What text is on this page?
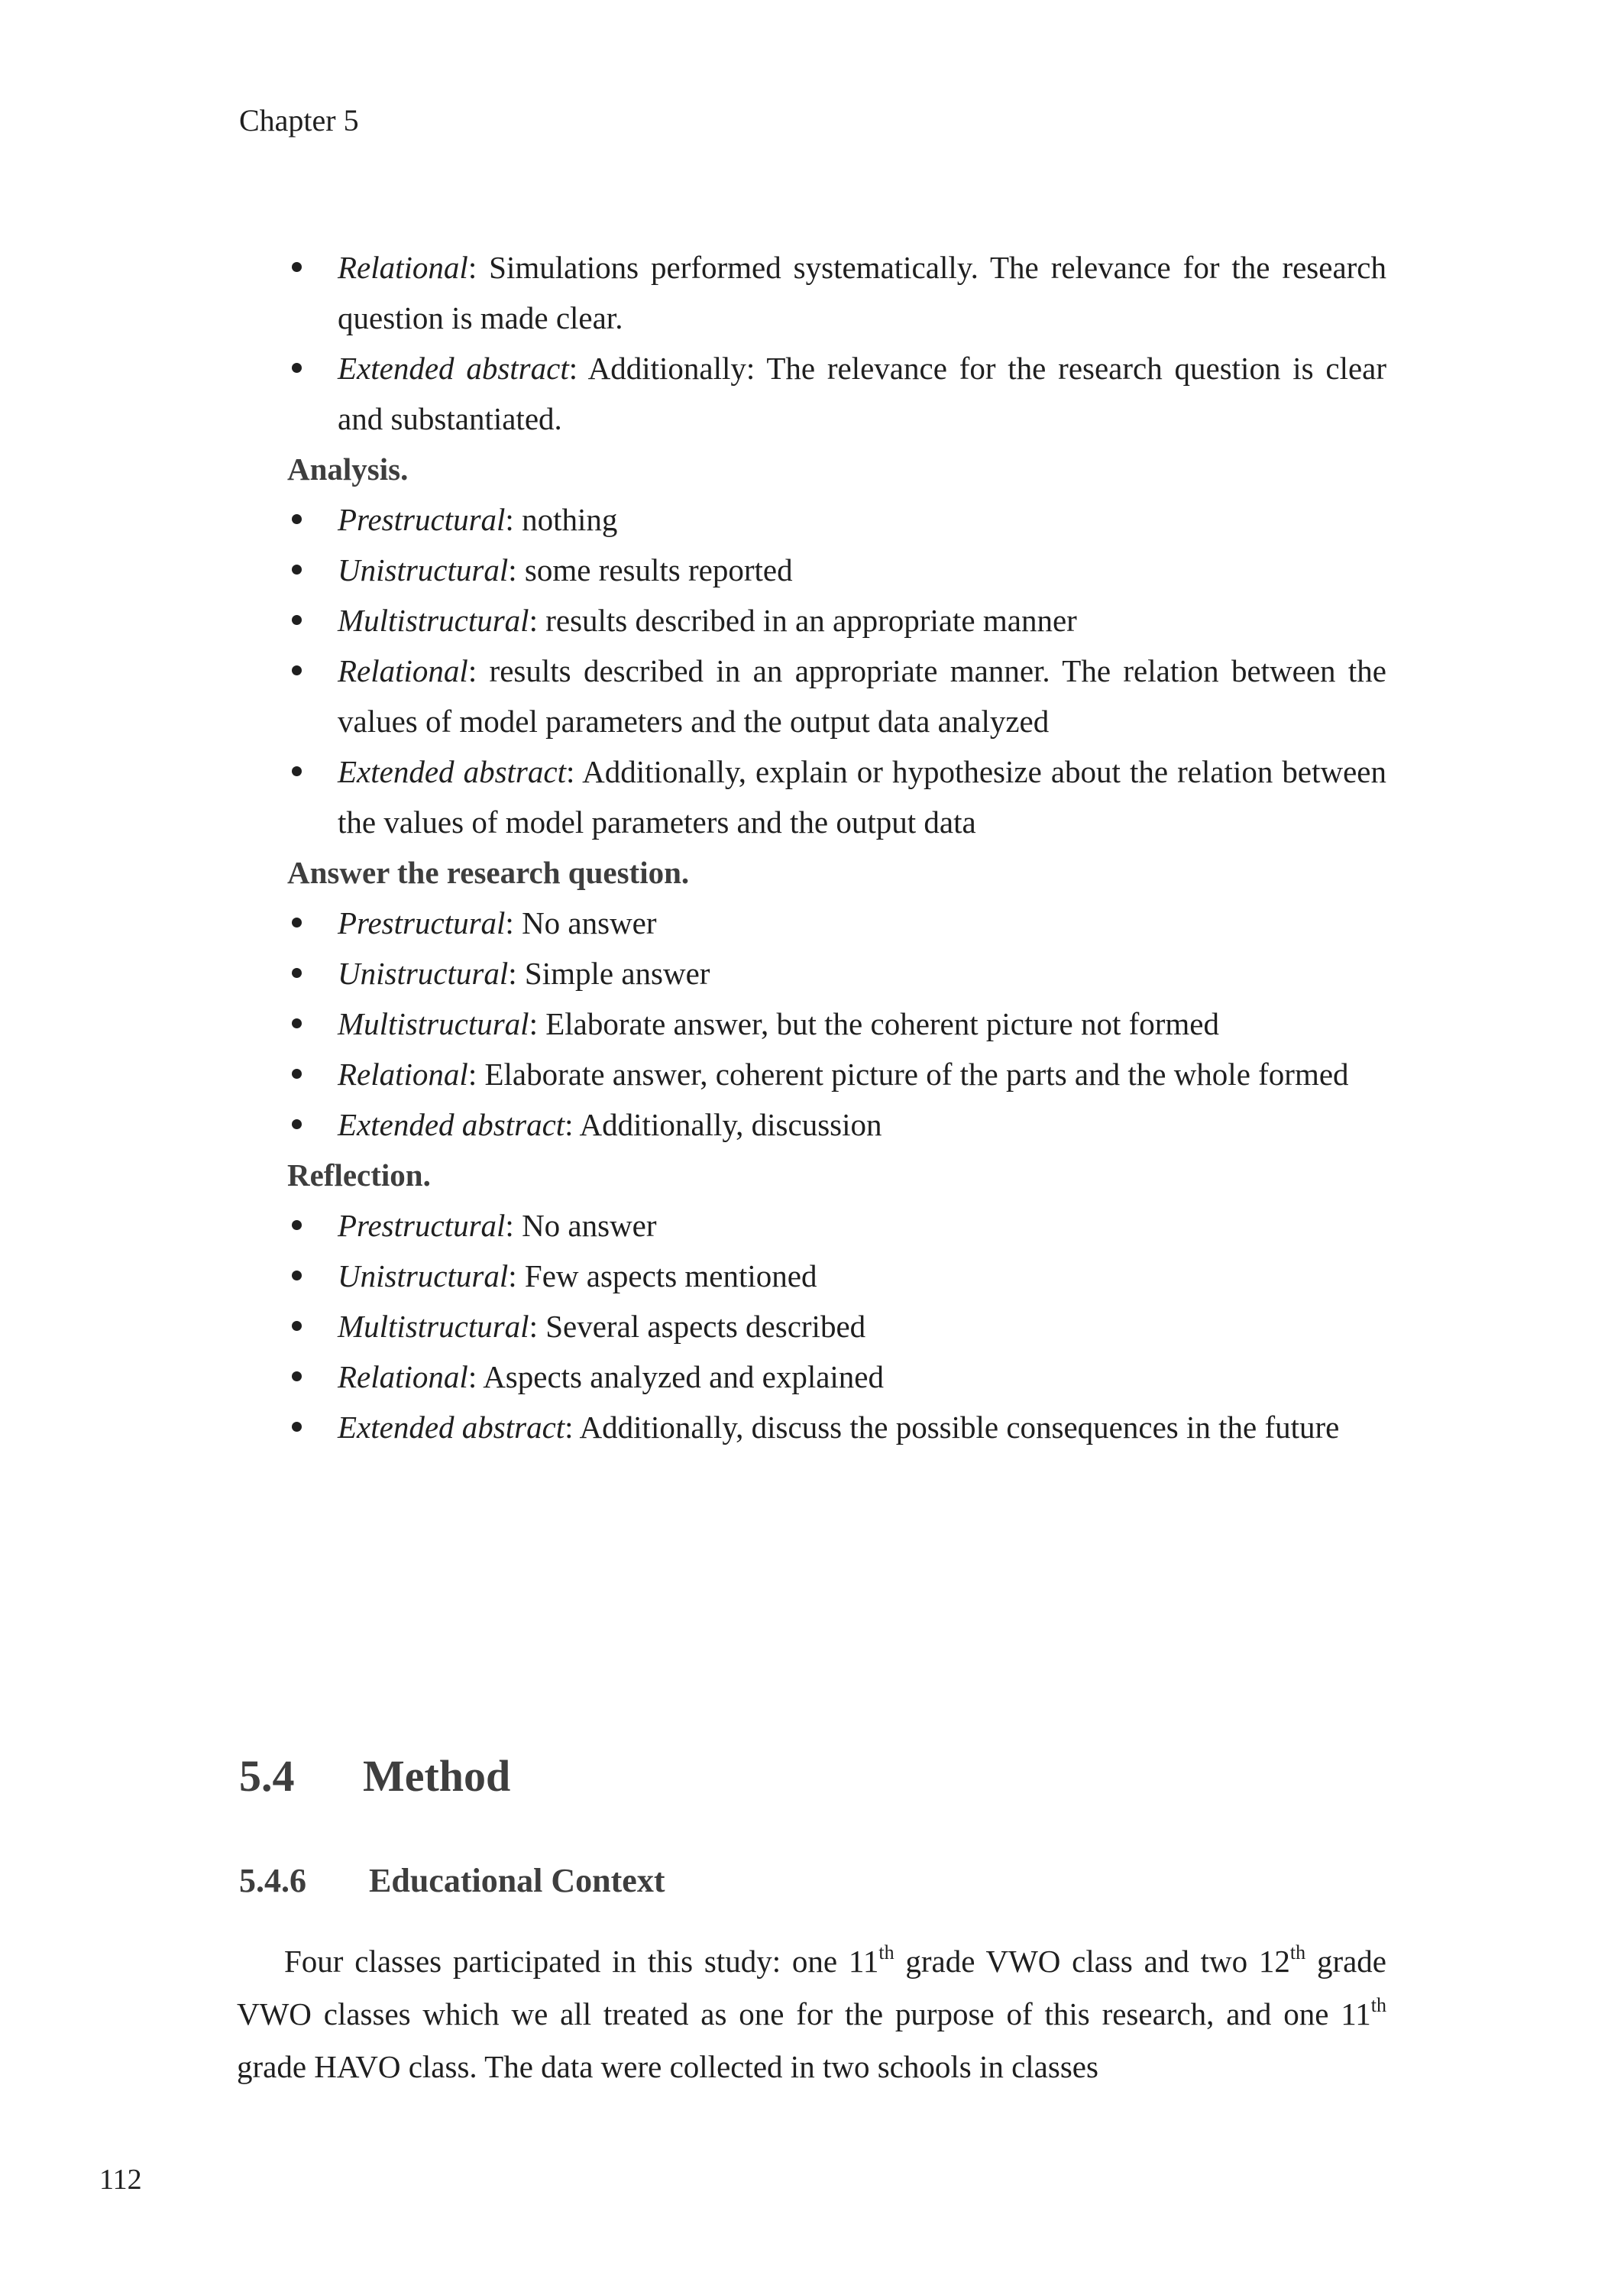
Chapter 5
Relational: Simulations performed systematically. The relevance for the research question is made clear.
Extended abstract: Additionally: The relevance for the research question is clear and substantiated.
Analysis.
Prestructural: nothing
Unistructural: some results reported
Multistructural: results described in an appropriate manner
Relational: results described in an appropriate manner. The relation between the values of model parameters and the output data analyzed
Extended abstract: Additionally, explain or hypothesize about the relation between the values of model parameters and the output data
Answer the research question.
Prestructural: No answer
Unistructural: Simple answer
Multistructural: Elaborate answer, but the coherent picture not formed
Relational: Elaborate answer, coherent picture of the parts and the whole formed
Extended abstract: Additionally, discussion
Reflection.
Prestructural: No answer
Unistructural: Few aspects mentioned
Multistructural: Several aspects described
Relational: Aspects analyzed and explained
Extended abstract: Additionally, discuss the possible consequences in the future
5.4 Method
5.4.6 Educational Context

Four classes participated in this study: one 11th grade VWO class and two 12th grade VWO classes which we all treated as one for the purpose of this research, and one 11th grade HAVO class. The data were collected in two schools in classes

112
